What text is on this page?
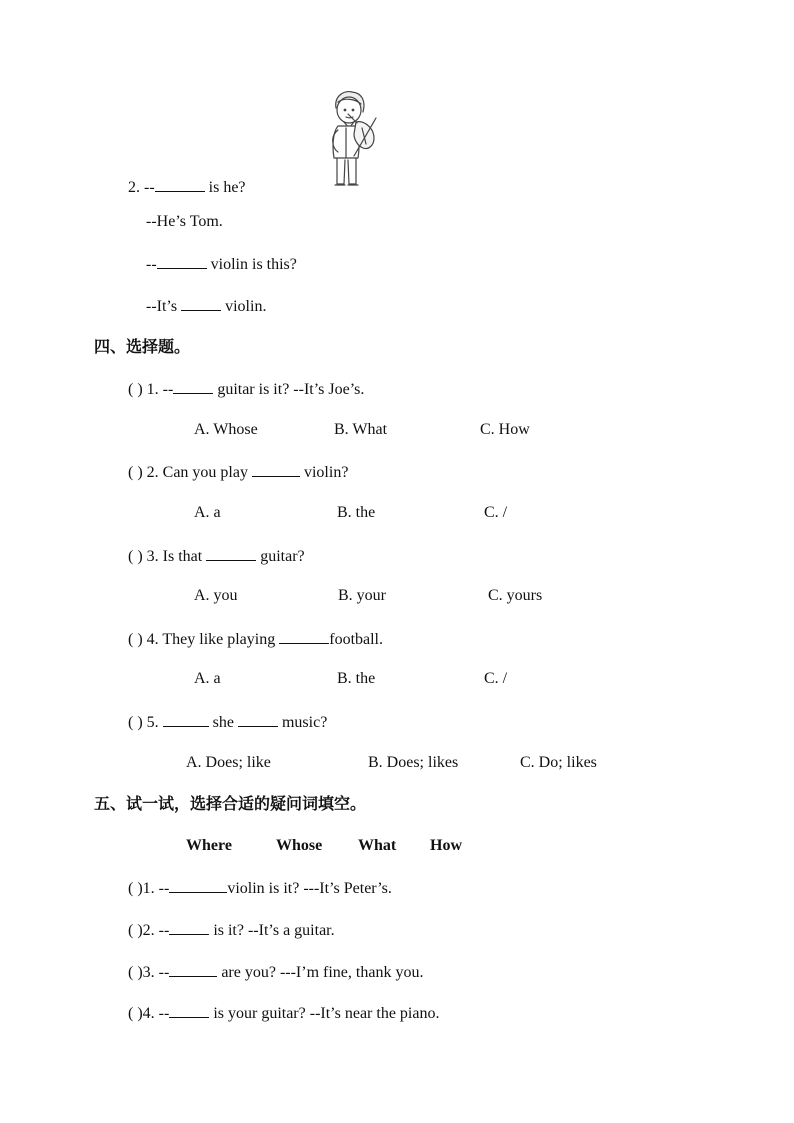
2. --	is he?
--He’s Tom.
--	violin is this?
--It’s	violin.
四、选择题。
( ) 1. --	guitar is it? --It’s Joe’s.
A. Whose	B. What	C. How
( ) 2. Can you play	violin?
A. a	B. the	C. /
( ) 3. Is that	guitar?
A. you	B. your	C. yours
( ) 4. They like playing	football.
A. a	B. the	C. /
( ) 5.	she	music?
A. Does; like	B. Does; likes	C. Do; likes
五、试一试，选择合适的疑问词填空。
Where	Whose What How
( )1. --	violin is it? ---It’s Peter’s.
( )2. --	is it? --It’s a guitar.
( )3. --	are you? ---I’m fine, thank you.
( )4. --	is your guitar? --It’s near the piano.
